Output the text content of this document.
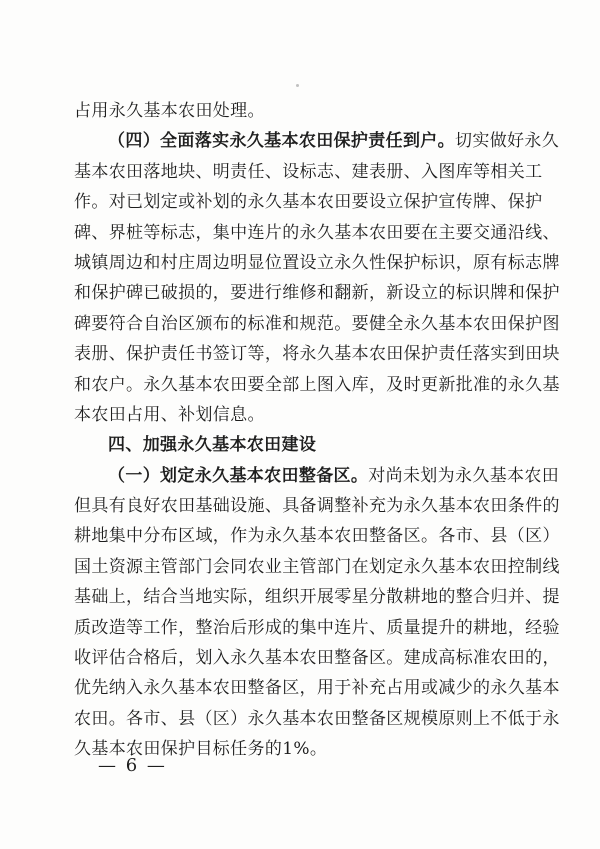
占用永久基本农田处理。
（四）全面落实永久基本农田保护责任到户。切实做好永久
基本农田落地块、明责任、设标志、建表册、入图库等相关工
作。对已划定或补划的永久基本农田要设立保护宣传牌、保护
碑、界桩等标志，集中连片的永久基本农田要在主要交通沿线、
城镇周边和村庄周边明显位置设立永久性保护标识，原有标志牌
和保护碑已破损的，要进行维修和翻新，新设立的标识牌和保护
碑要符合自治区颁布的标准和规范。要健全永久基本农田保护图
表册、保护责任书签订等，将永久基本农田保护责任落实到田块
和农户。永久基本农田要全部上图入库，及时更新批准的永久基
本农田占用、补划信息。
四、加强永久基本农田建设
（一）划定永久基本农田整备区。对尚未划为永久基本农田
但具有良好农田基础设施、具备调整补充为永久基本农田条件的
耕地集中分布区域，作为永久基本农田整备区。各市、县（区）
国土资源主管部门会同农业主管部门在划定永久基本农田控制线
基础上，结合当地实际，组织开展零星分散耕地的整合归并、提
质改造等工作，整治后形成的集中连片、质量提升的耕地，经验
收评估合格后，划入永久基本农田整备区。建成高标准农田的，
优先纳入永久基本农田整备区，用于补充占用或减少的永久基本
农田。各市、县（区）永久基本农田整备区规模原则上不低于永
久基本农田保护目标任务的1%。
— 6 —
